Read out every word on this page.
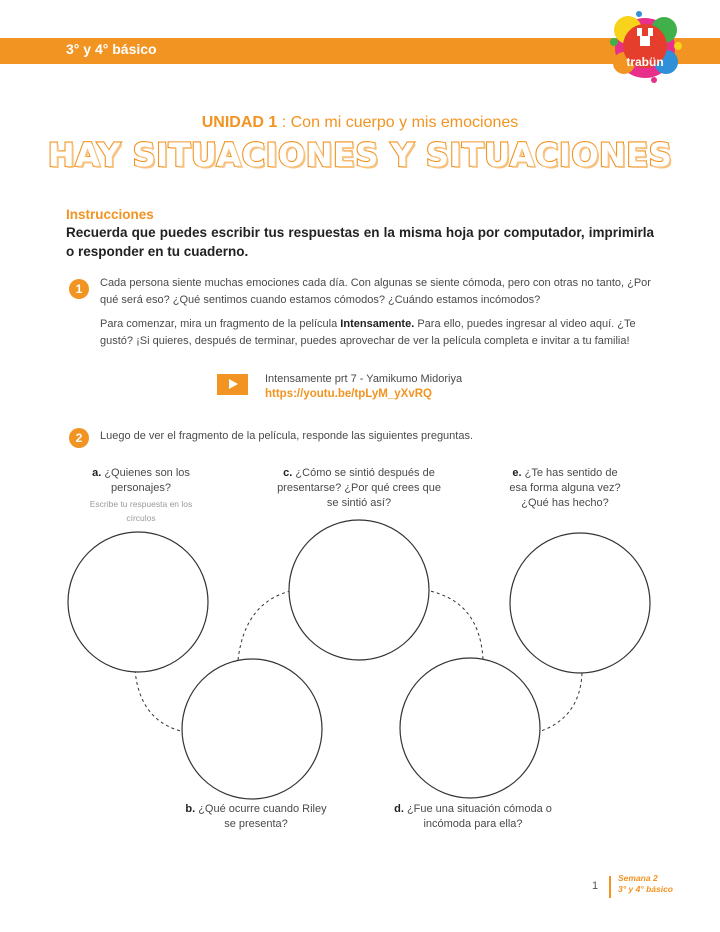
3° y 4° básico
trabün
UNIDAD 1 : Con mi cuerpo y mis emociones
HAY SITUACIONES Y SITUACIONES
Instrucciones
Recuerda que puedes escribir tus respuestas en la misma hoja por computador, imprimirla o responder en tu cuaderno.
1	Cada persona siente muchas emociones cada día. Con algunas se siente cómoda, pero con otras no tanto, ¿Por qué será eso? ¿Qué sentimos cuando estamos cómodos? ¿Cuándo estamos incómodos?
Para comenzar, mira un fragmento de la película Intensamente. Para ello, puedes ingresar al video aquí. ¿Te gustó? ¡Si quieres, después de terminar, puedes aprovechar de ver la película completa e invitar a tu familia!
Intensamente prt 7 - Yamikumo Midoriya
https://youtu.be/tpLyM_yXvRQ
2	Luego de ver el fragmento de la película, responde las siguientes preguntas.
a. ¿Quienes son los personajes?
Escribe tu respuesta en los círculos
c. ¿Cómo se sintió después de presentarse? ¿Por qué crees que se sintió así?
e. ¿Te has sentido de esa forma alguna vez? ¿Qué has hecho?
b. ¿Qué ocurre cuando Riley se presenta?
d. ¿Fue una situación cómoda o incómoda para ella?
1
Semana 2
3° y 4° básico
